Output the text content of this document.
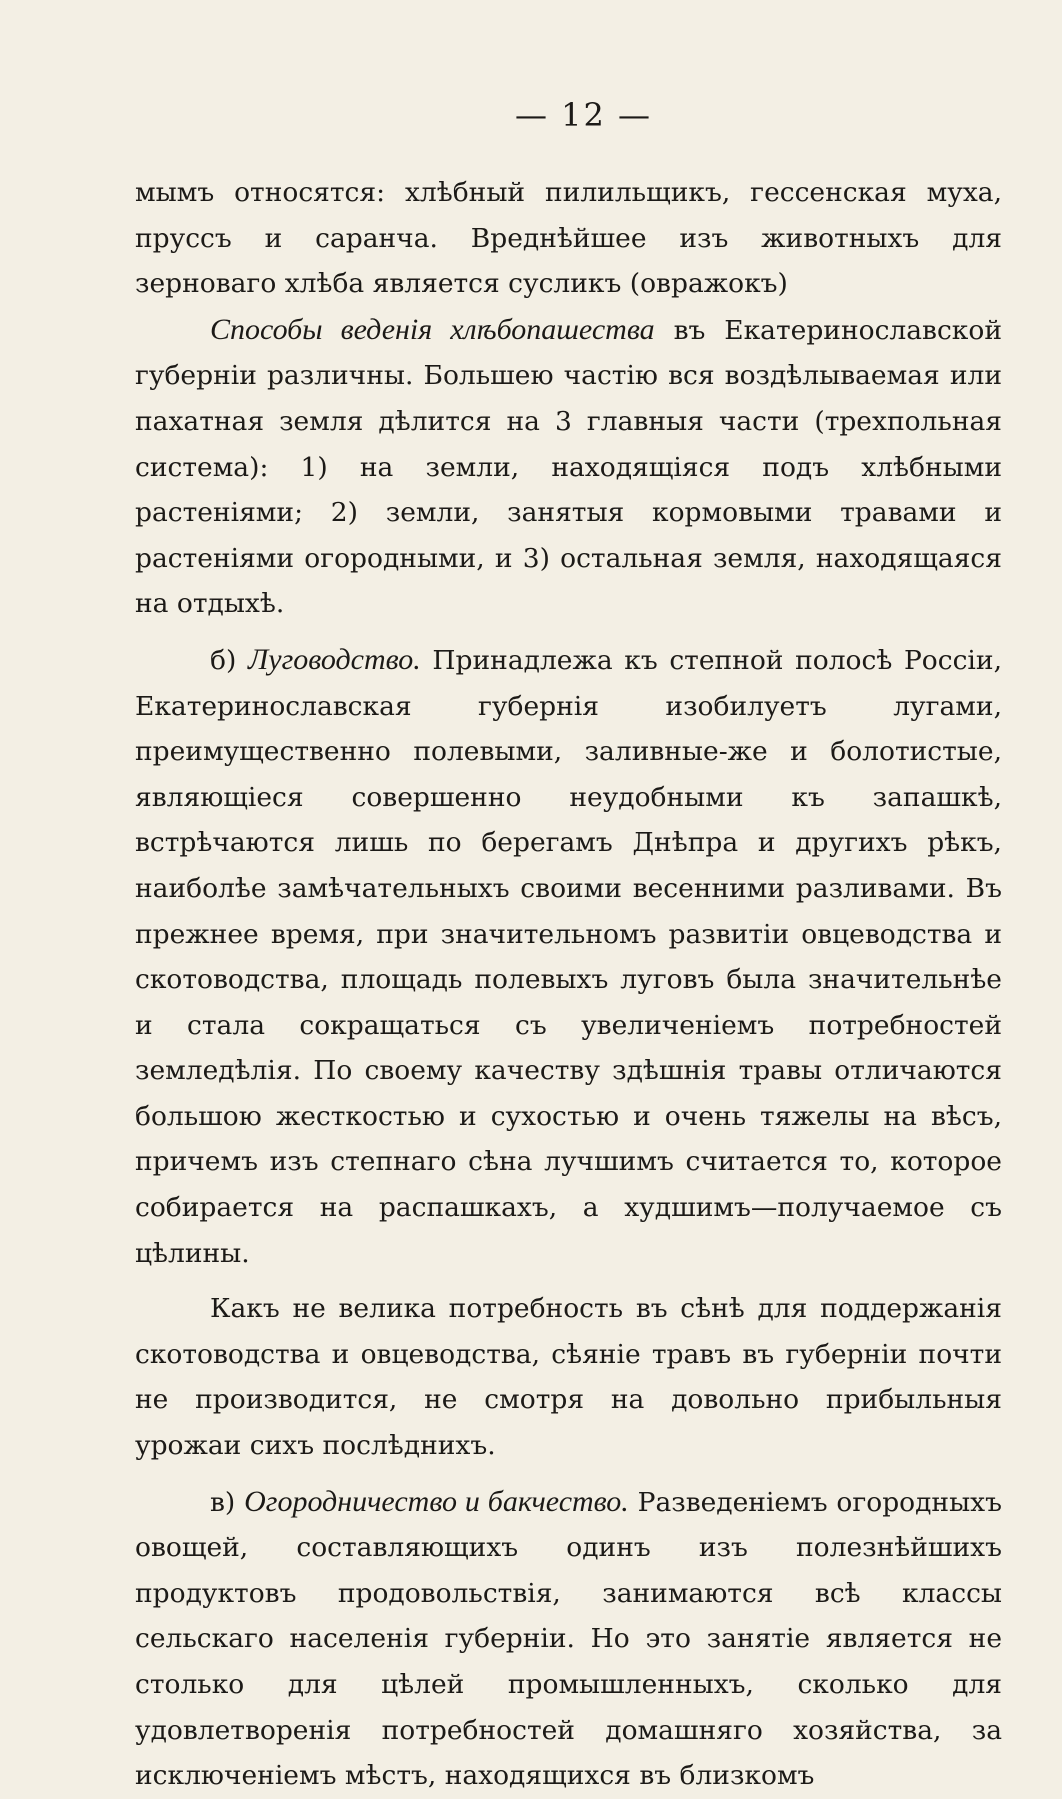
— 12 —

мымъ относятся: хлѣбный пилильщикъ, гессенская муха, пруссъ и саранча. Вреднѣйшее изъ животныхъ для зерноваго хлѣба является сусликъ (овражокъ)

Способы веденія хлѣбопашества въ Екатеринославской губерніи различны. Большею частію вся воздѣлываемая или пахатная земля дѣлится на 3 главныя части (трехпольная система): 1) на земли, находящіяся подъ хлѣбными растеніями; 2) земли, занятыя кормовыми травами и растеніями огородными, и 3) остальная земля, находящаяся на отдыхѣ.

б) Луговодство. Принадлежа къ степной полосѣ Россіи, Екатеринославская губернія изобилуетъ лугами, преимущественно полевыми, заливные-же и болотистые, являющіеся совершенно неудобными къ запашкѣ, встрѣчаются лишь по берегамъ Днѣпра и другихъ рѣкъ, наиболѣе замѣчательныхъ своими весенними разливами. Въ прежнее время, при значительномъ развитіи овцеводства и скотоводства, площадь полевыхъ луговъ была значительнѣе и стала сокращаться съ увеличеніемъ потребностей земледѣлія. По своему качеству здѣшнія травы отличаются большою жесткостью и сухостью и очень тяжелы на вѣсъ, причемъ изъ степнаго сѣна лучшимъ считается то, которое собирается на распашкахъ, а худшимъ—получаемое съ цѣлины.

Какъ не велика потребность въ сѣнѣ для поддержанія скотоводства и овцеводства, сѣяніе травъ въ губерніи почти не производится, не смотря на довольно прибыльныя урожаи сихъ послѣднихъ.

в) Огородничество и бакчество. Разведеніемъ огородныхъ овощей, составляющихъ одинъ изъ полезнѣйшихъ продуктовъ продовольствія, занимаются всѣ классы сельскаго населенія губерніи. Но это занятіе является не столько для цѣлей промышленныхъ, сколько для удовлетворенія потребностей домашняго хозяйства, за исключеніемъ мѣстъ, находящихся въ близкомъ
